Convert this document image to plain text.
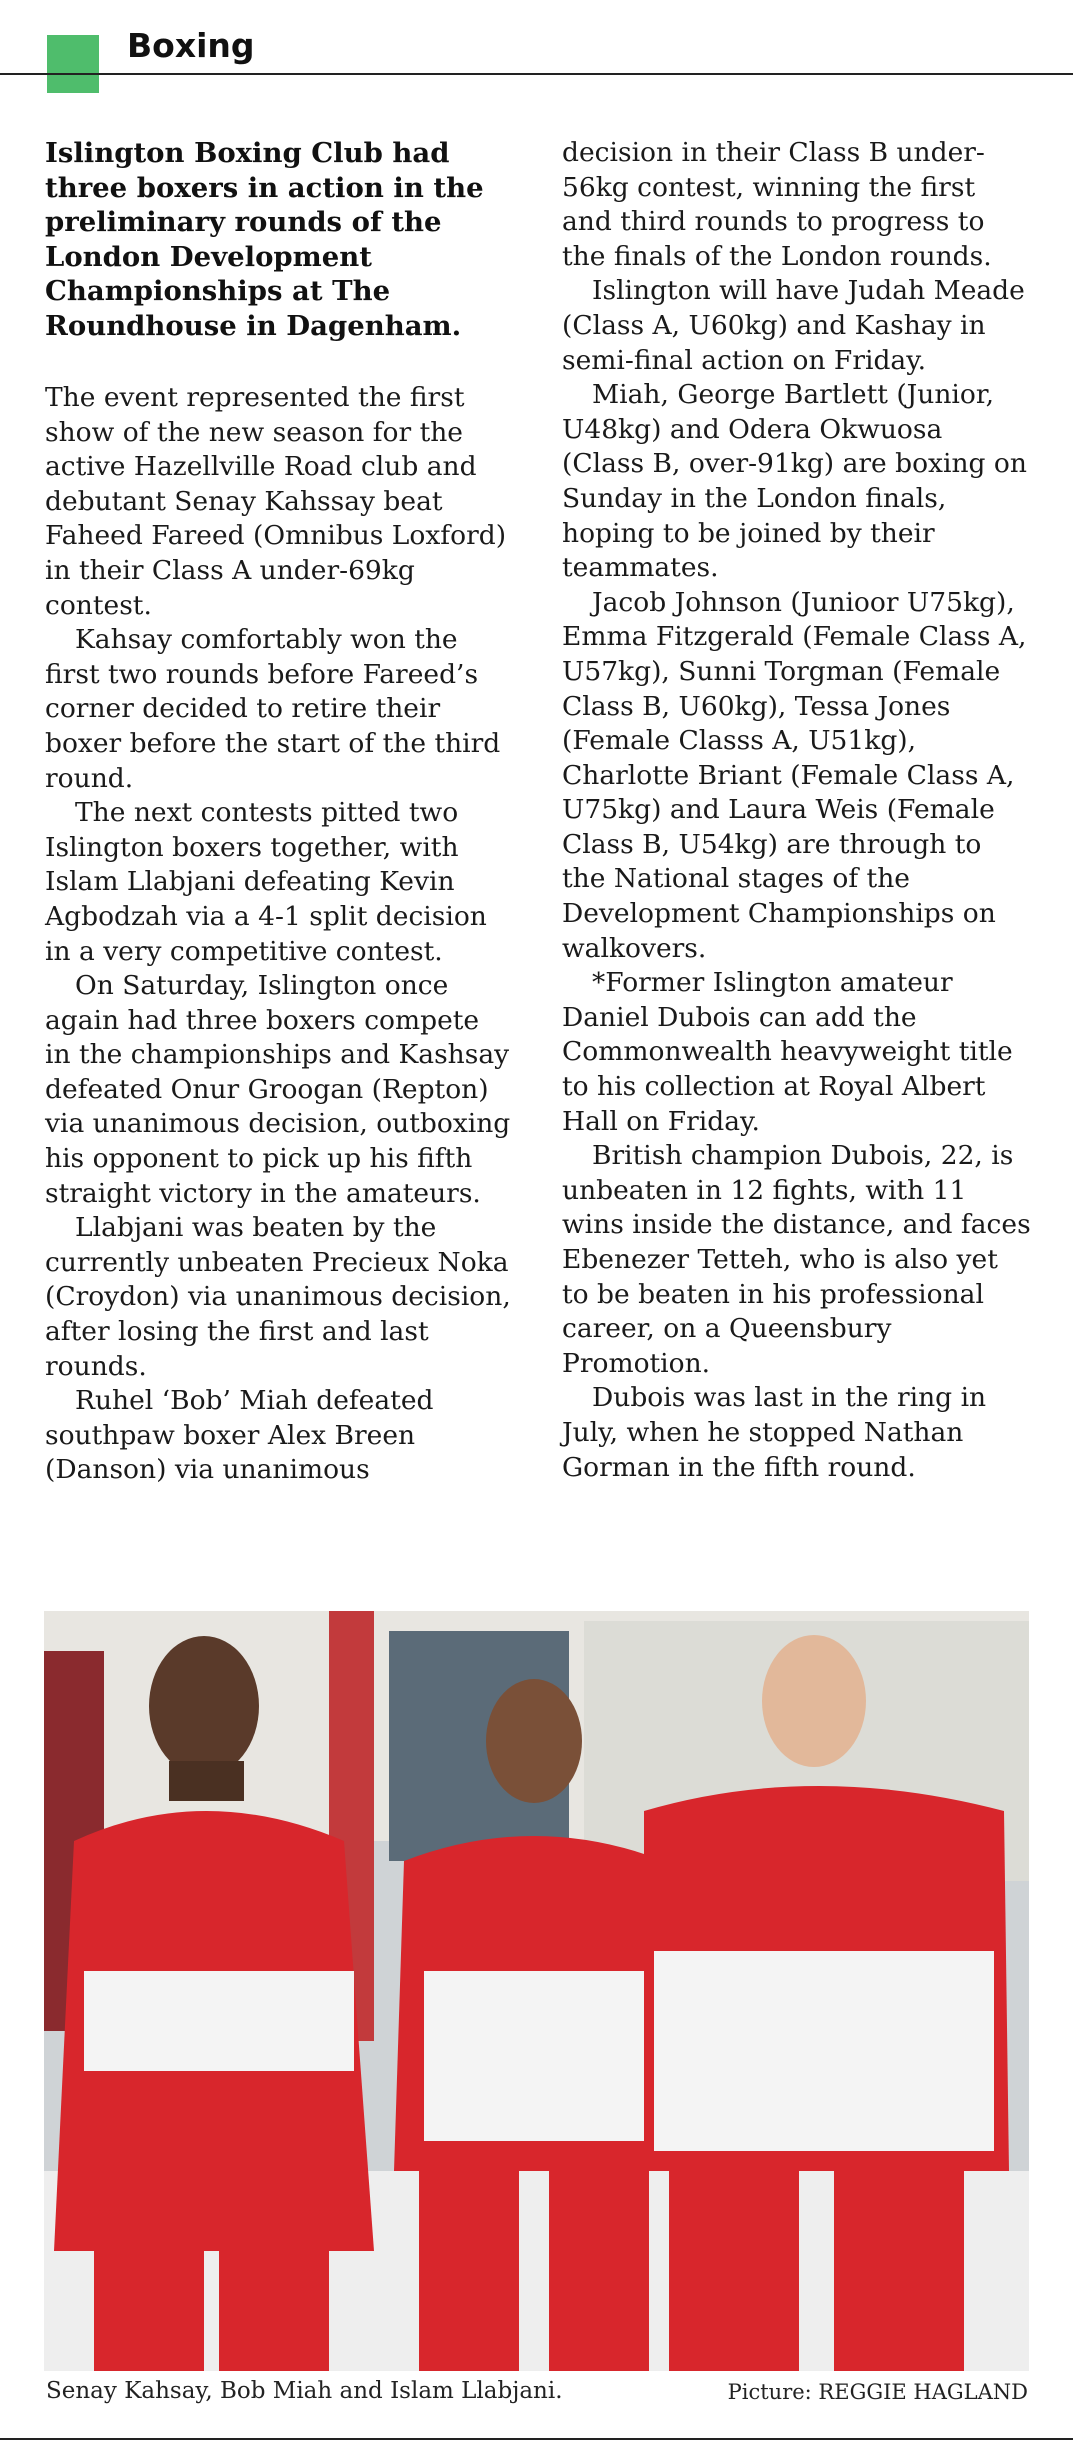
Boxing

Islington Boxing Club had three boxers in action in the preliminary rounds of the London Development Championships at The Roundhouse in Dagenham.

The event represented the first show of the new season for the active Hazellville Road club and debutant Senay Kahssay beat Faheed Fareed (Omnibus Loxford) in their Class A under-69kg contest.

Kahsay comfortably won the first two rounds before Fareed’s corner decided to retire their boxer before the start of the third round.

The next contests pitted two Islington boxers together, with Islam Llabjani defeating Kevin Agbodzah via a 4-1 split decision in a very competitive contest.

On Saturday, Islington once again had three boxers compete in the championships and Kashsay defeated Onur Groogan (Repton) via unanimous decision, outboxing his opponent to pick up his fifth straight victory in the amateurs.

Llabjani was beaten by the currently unbeaten Precieux Noka (Croydon) via unanimous decision, after losing the first and last rounds.

Ruhel ‘Bob’ Miah defeated southpaw boxer Alex Breen (Danson) via unanimous

decision in their Class B under-56kg contest, winning the first and third rounds to progress to the finals of the London rounds.

Islington will have Judah Meade (Class A, U60kg) and Kashay in semi-final action on Friday.

Miah, George Bartlett (Junior, U48kg) and Odera Okwuosa (Class B, over-91kg) are boxing on Sunday in the London finals, hoping to be joined by their teammates.

Jacob Johnson (Junioor U75kg), Emma Fitzgerald (Female Class A, U57kg), Sunni Torgman (Female Class B, U60kg), Tessa Jones (Female Classs A, U51kg), Charlotte Briant (Female Class A, U75kg) and Laura Weis (Female Class B, U54kg) are through to the National stages of the Development Championships on walkovers.

*Former Islington amateur Daniel Dubois can add the Commonwealth heavyweight title to his collection at Royal Albert Hall on Friday.

British champion Dubois, 22, is unbeaten in 12 fights, with 11 wins inside the distance, and faces Ebenezer Tetteh, who is also yet to be beaten in his professional career, on a Queensbury Promotion.

Dubois was last in the ring in July, when he stopped Nathan Gorman in the fifth round.

Senay Kahsay, Bob Miah and Islam Llabjani.	Picture: REGGIE HAGLAND
